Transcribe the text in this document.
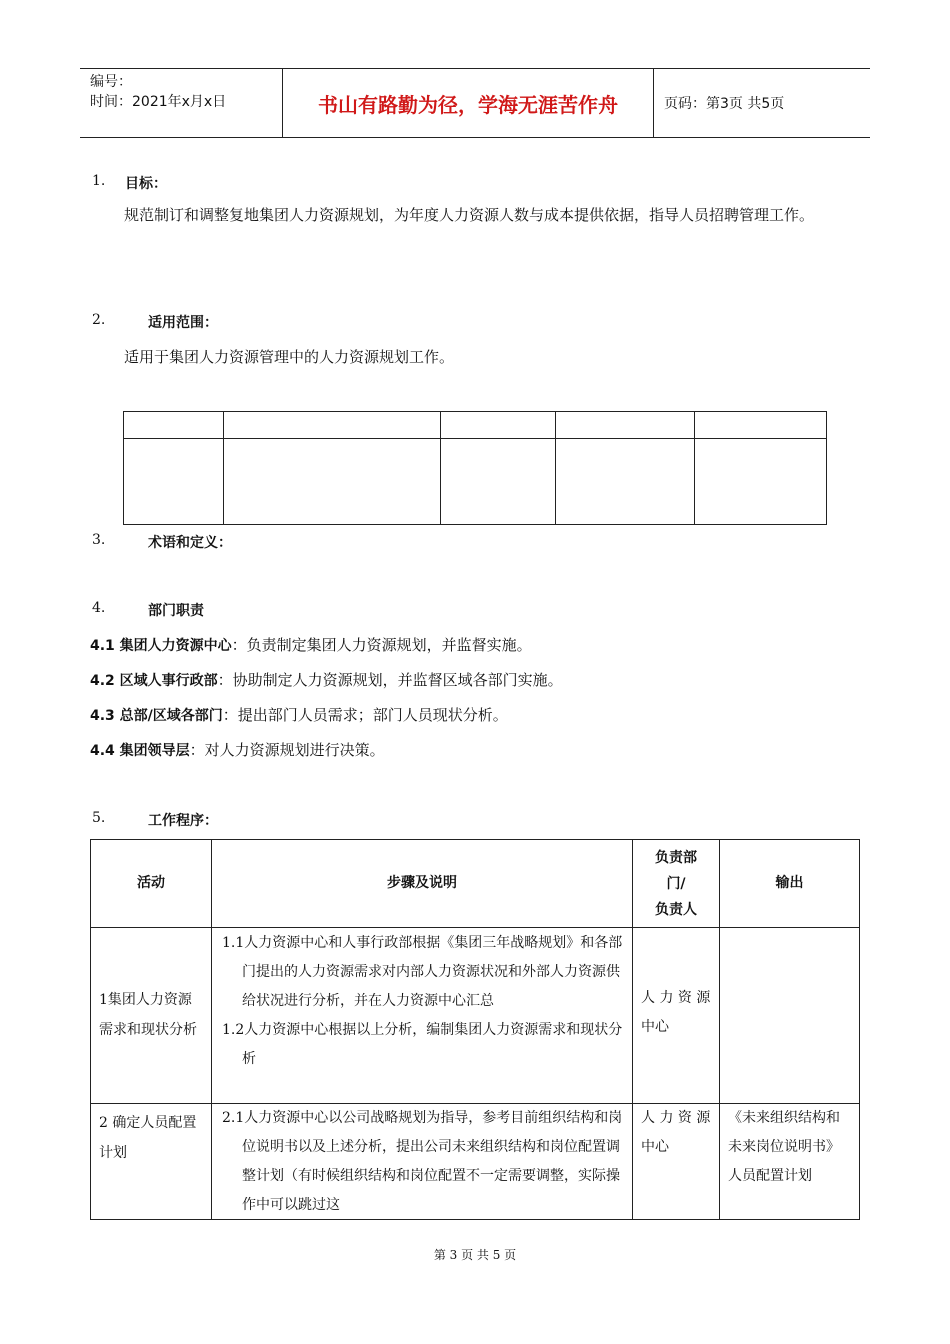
编号：
时间：2021年x月x日	书山有路勤为径，学海无涯苦作舟	页码：第3页 共5页
1. 目标：
规范制订和调整复地集团人力资源规划，为年度人力资源人数与成本提供依据，指导人员招聘管理工作。
2.	适用范围：
适用于集团人力资源管理中的人力资源规划工作。

3.	术语和定义：
4.	部门职责
4.1 集团人力资源中心：负责制定集团人力资源规划，并监督实施。
4.2 区域人事行政部：协助制定人力资源规划，并监督区域各部门实施。
4.3 总部/区域各部门：提出部门人员需求；部门人员现状分析。
4.4 集团领导层：对人力资源规划进行决策。
5.	工作程序：
活动	步骤及说明	负责部
门/
负责人	输出

1集团人力资源需求和现状分析	1.1人力资源中心和人事行政部根据《集团三年战略规划》和各部门提出的人力资源需求对内部人力资源状况和外部人力资源供给状况进行分析，并在人力资源中心汇总
1.2人力资源中心根据以上分析，编制集团人力资源需求和现状分析	人 力 资 源中心	

2 确定人员配置计划	2.1人力资源中心以公司战略规划为指导，参考目前组织结构和岗位说明书以及上述分析，提出公司未来组织结构和岗位配置调整计划（有时候组织结构和岗位配置不一定需要调整，实际操作中可以跳过这	人 力 资 源中心	《未来组织结构和未来岗位说明书》
人员配置计划
第 3 页 共 5 页
